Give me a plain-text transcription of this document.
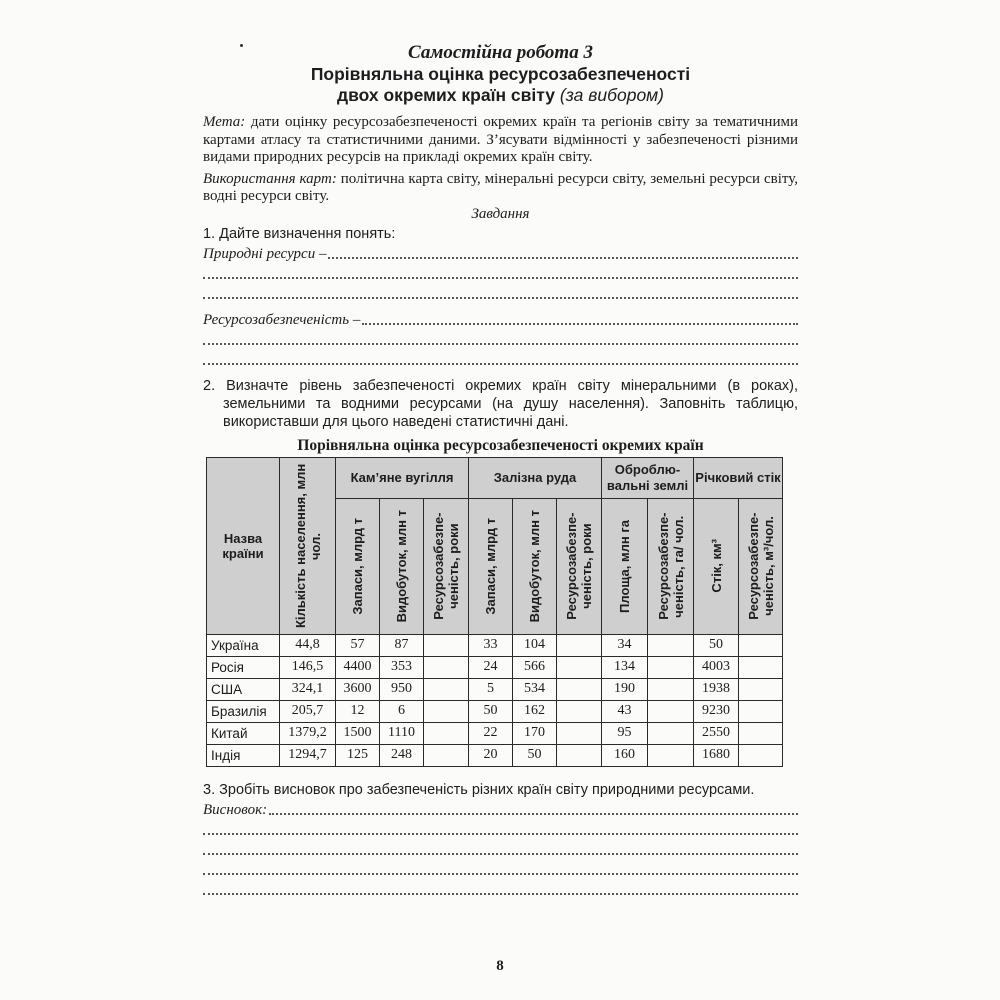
Самостійна робота 3

Порівняльна оцінка ресурсозабезпеченості

двох окремих країн світу (за вибором)

Мета: дати оцінку ресурсозабезпеченості окремих країн та регіонів світу за тематичними картами атласу та статистичними даними. З’ясувати відмінності у забезпеченості різними видами природних ресурсів на прикладі окремих країн світу.

Використання карт: політична карта світу, мінеральні ресурси світу, земельні ресурси світу, водні ресурси світу.

Завдання

1. Дайте визначення понять:

Природні ресурси –
Ресурсозабезпеченість –

2. Визначте рівень забезпеченості окремих країн світу мінеральними (в роках), земельними та водними ресурсами (на душу населення). Заповніть таблицю, використавши для цього наведені статистичні дані.

Порівняльна оцінка ресурсозабезпеченості окремих країн

Назва країни	Кількість населення, млн чол.	Кам’яне вугілля			Залізна руда			Оброблю-вальні землі		Річковий стік	

		Запаси, млрд т	Видобуток, млн т	Ресурсозабезпе-ченість, роки	Запаси, млрд т	Видобуток, млн т	Ресурсозабезпе-ченість, роки	Площа, млн га	Ресурсозабезпе-ченість, га/ чол.	Стік, км³	Ресурсозабезпе-ченість, м³/чол.

Україна	44,8	57	87		33	104		34		50	
Росія	146,5	4400	353		24	566		134		4003	
США	324,1	3600	950		5	534		190		1938	
Бразилія	205,7	12	6		50	162		43		9230	
Китай	1379,2	1500	1110		22	170		95		2550	
Індія	1294,7	125	248		20	50		160		1680	

3. Зробіть висновок про забезпеченість різних країн світу природними ресурсами.

Висновок:
8
